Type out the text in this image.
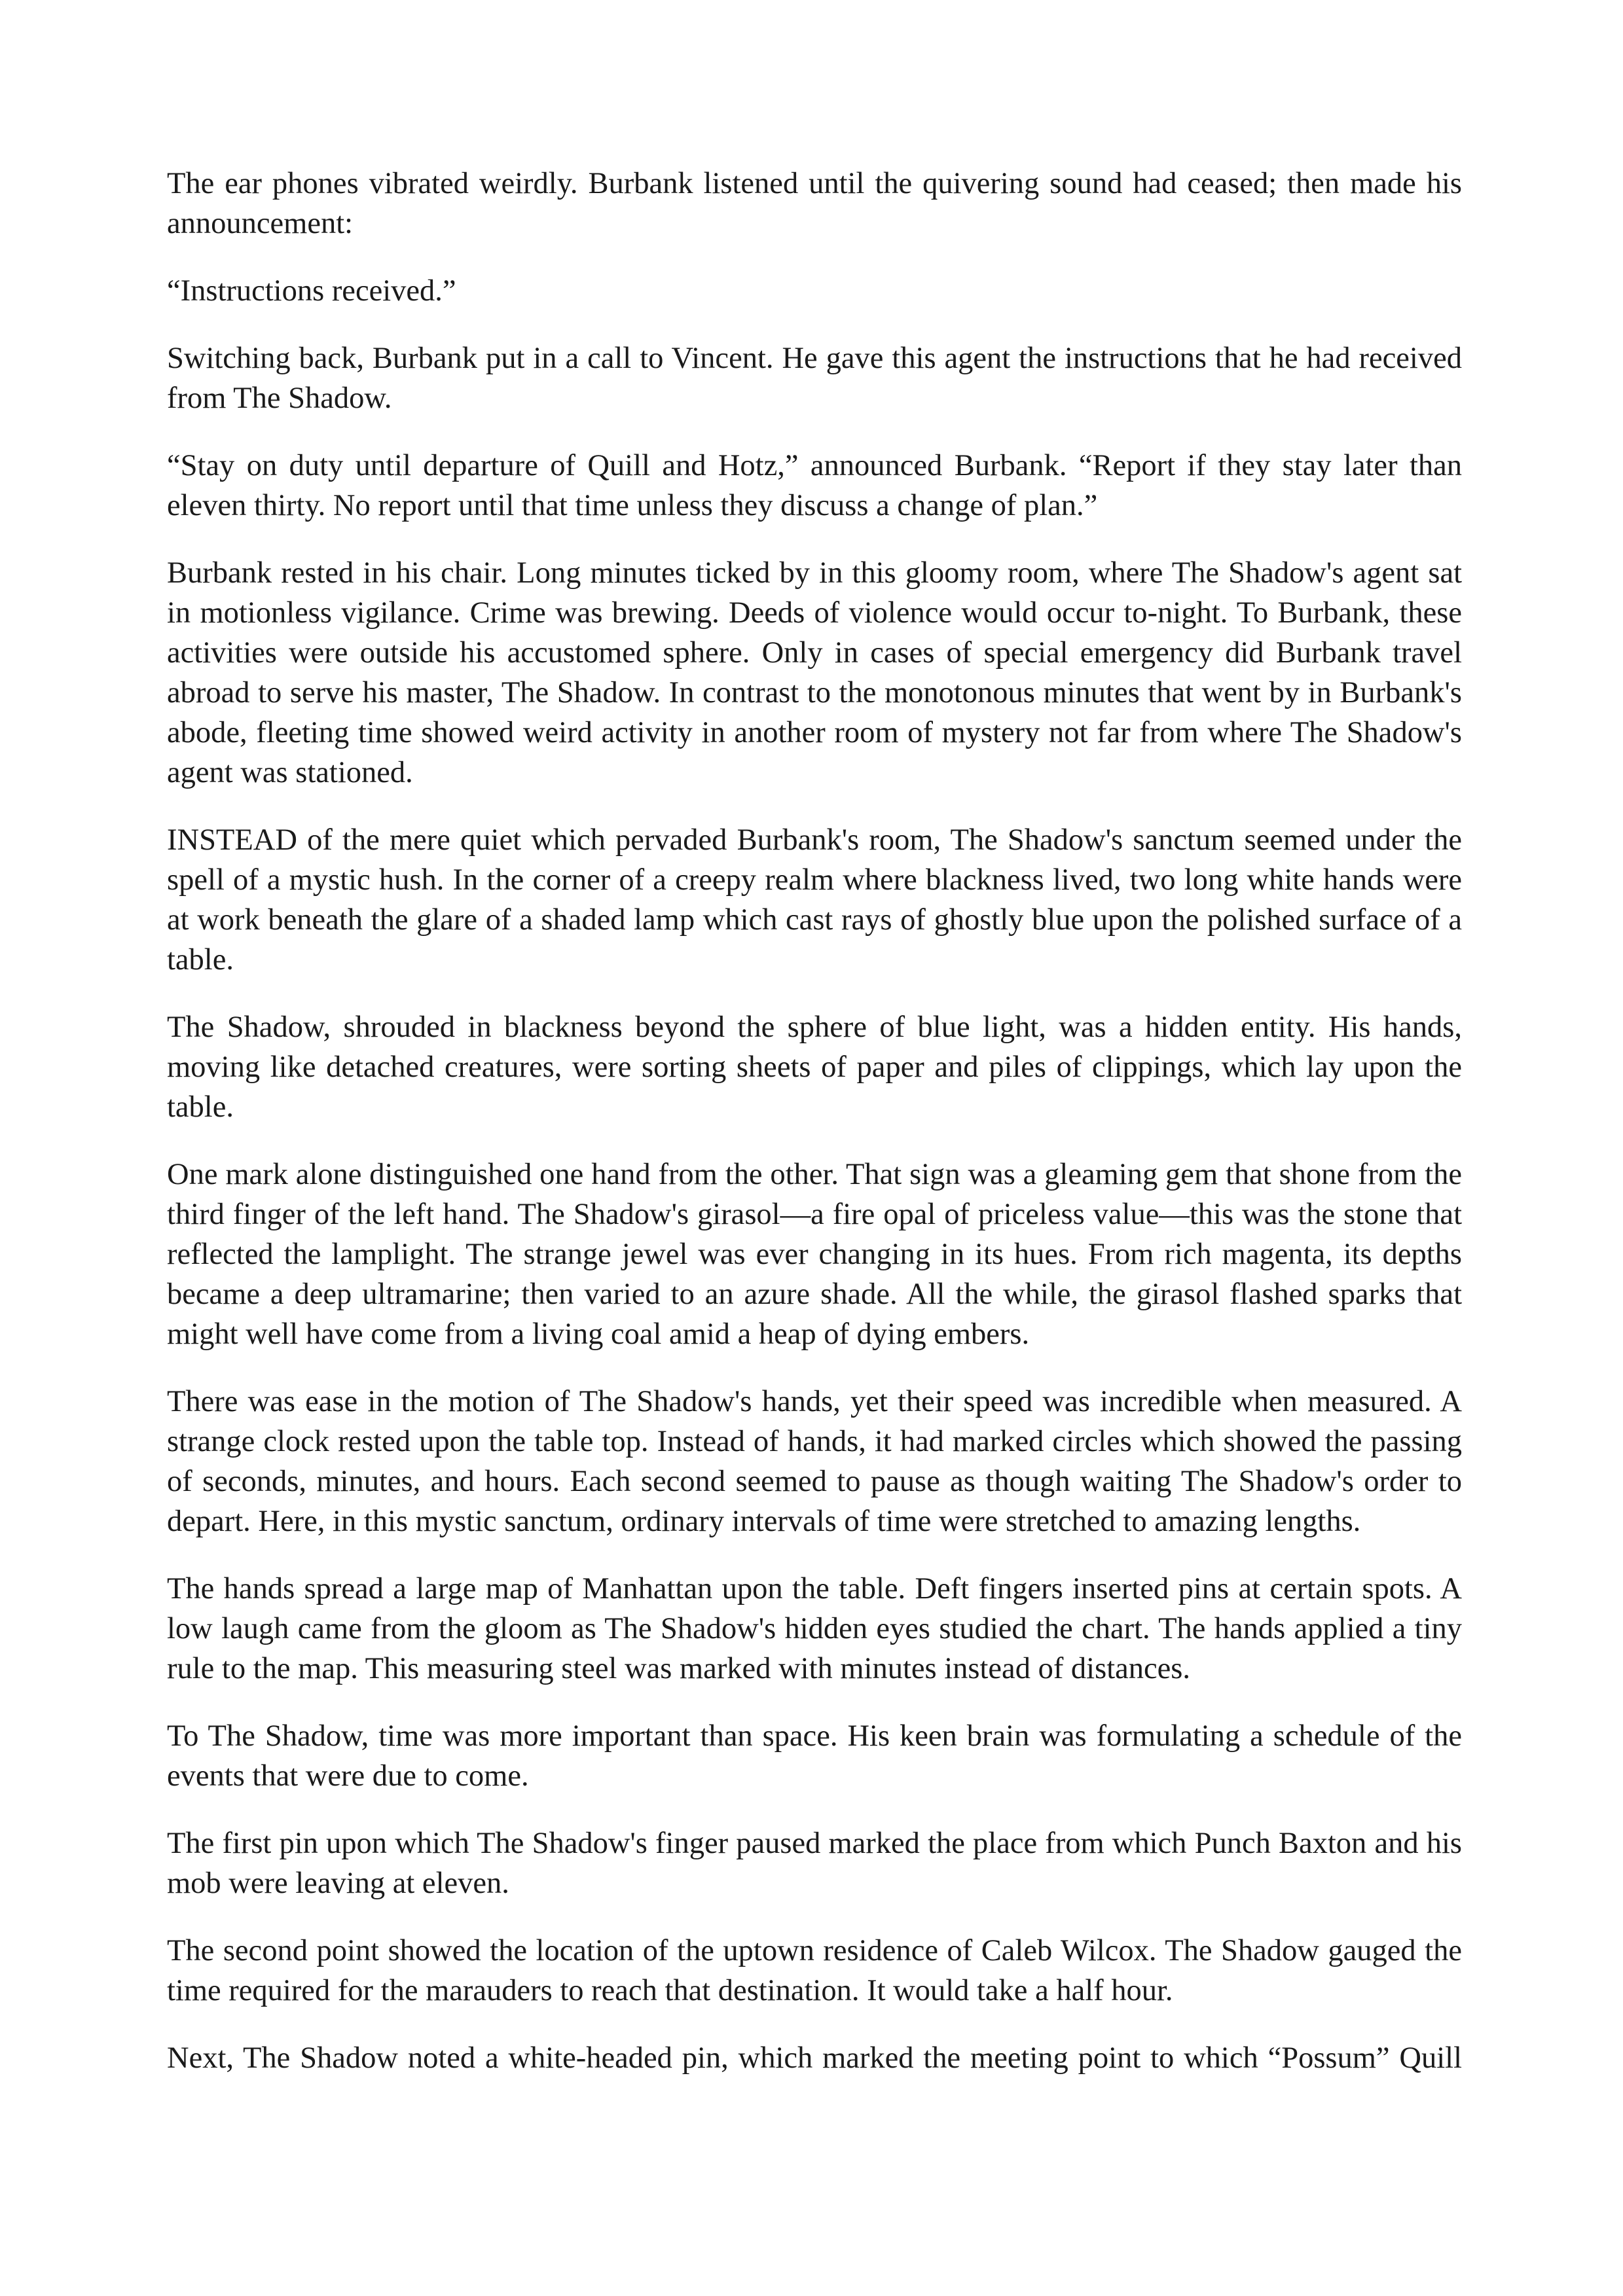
The ear phones vibrated weirdly. Burbank listened until the quivering sound had ceased; then made his announcement:

“Instructions received.”

Switching back, Burbank put in a call to Vincent. He gave this agent the instructions that he had received from The Shadow.

“Stay on duty until departure of Quill and Hotz,” announced Burbank. “Report if they stay later than eleven thirty. No report until that time unless they discuss a change of plan.”

Burbank rested in his chair. Long minutes ticked by in this gloomy room, where The Shadow's agent sat in motionless vigilance. Crime was brewing. Deeds of violence would occur to-night. To Burbank, these activities were outside his accustomed sphere. Only in cases of special emergency did Burbank travel abroad to serve his master, The Shadow. In contrast to the monotonous minutes that went by in Burbank's abode, fleeting time showed weird activity in another room of mystery not far from where The Shadow's agent was stationed.

INSTEAD of the mere quiet which pervaded Burbank's room, The Shadow's sanctum seemed under the spell of a mystic hush. In the corner of a creepy realm where blackness lived, two long white hands were at work beneath the glare of a shaded lamp which cast rays of ghostly blue upon the polished surface of a table.

The Shadow, shrouded in blackness beyond the sphere of blue light, was a hidden entity. His hands, moving like detached creatures, were sorting sheets of paper and piles of clippings, which lay upon the table.

One mark alone distinguished one hand from the other. That sign was a gleaming gem that shone from the third finger of the left hand. The Shadow's girasol—a fire opal of priceless value—this was the stone that reflected the lamplight. The strange jewel was ever changing in its hues. From rich magenta, its depths became a deep ultramarine; then varied to an azure shade. All the while, the girasol flashed sparks that might well have come from a living coal amid a heap of dying embers.

There was ease in the motion of The Shadow's hands, yet their speed was incredible when measured. A strange clock rested upon the table top. Instead of hands, it had marked circles which showed the passing of seconds, minutes, and hours. Each second seemed to pause as though waiting The Shadow's order to depart. Here, in this mystic sanctum, ordinary intervals of time were stretched to amazing lengths.

The hands spread a large map of Manhattan upon the table. Deft fingers inserted pins at certain spots. A low laugh came from the gloom as The Shadow's hidden eyes studied the chart. The hands applied a tiny rule to the map. This measuring steel was marked with minutes instead of distances.

To The Shadow, time was more important than space. His keen brain was formulating a schedule of the events that were due to come.

The first pin upon which The Shadow's finger paused marked the place from which Punch Baxton and his mob were leaving at eleven.

The second point showed the location of the uptown residence of Caleb Wilcox. The Shadow gauged the time required for the marauders to reach that destination. It would take a half hour.

Next, The Shadow noted a white-headed pin, which marked the meeting point to which “Possum” Quill
